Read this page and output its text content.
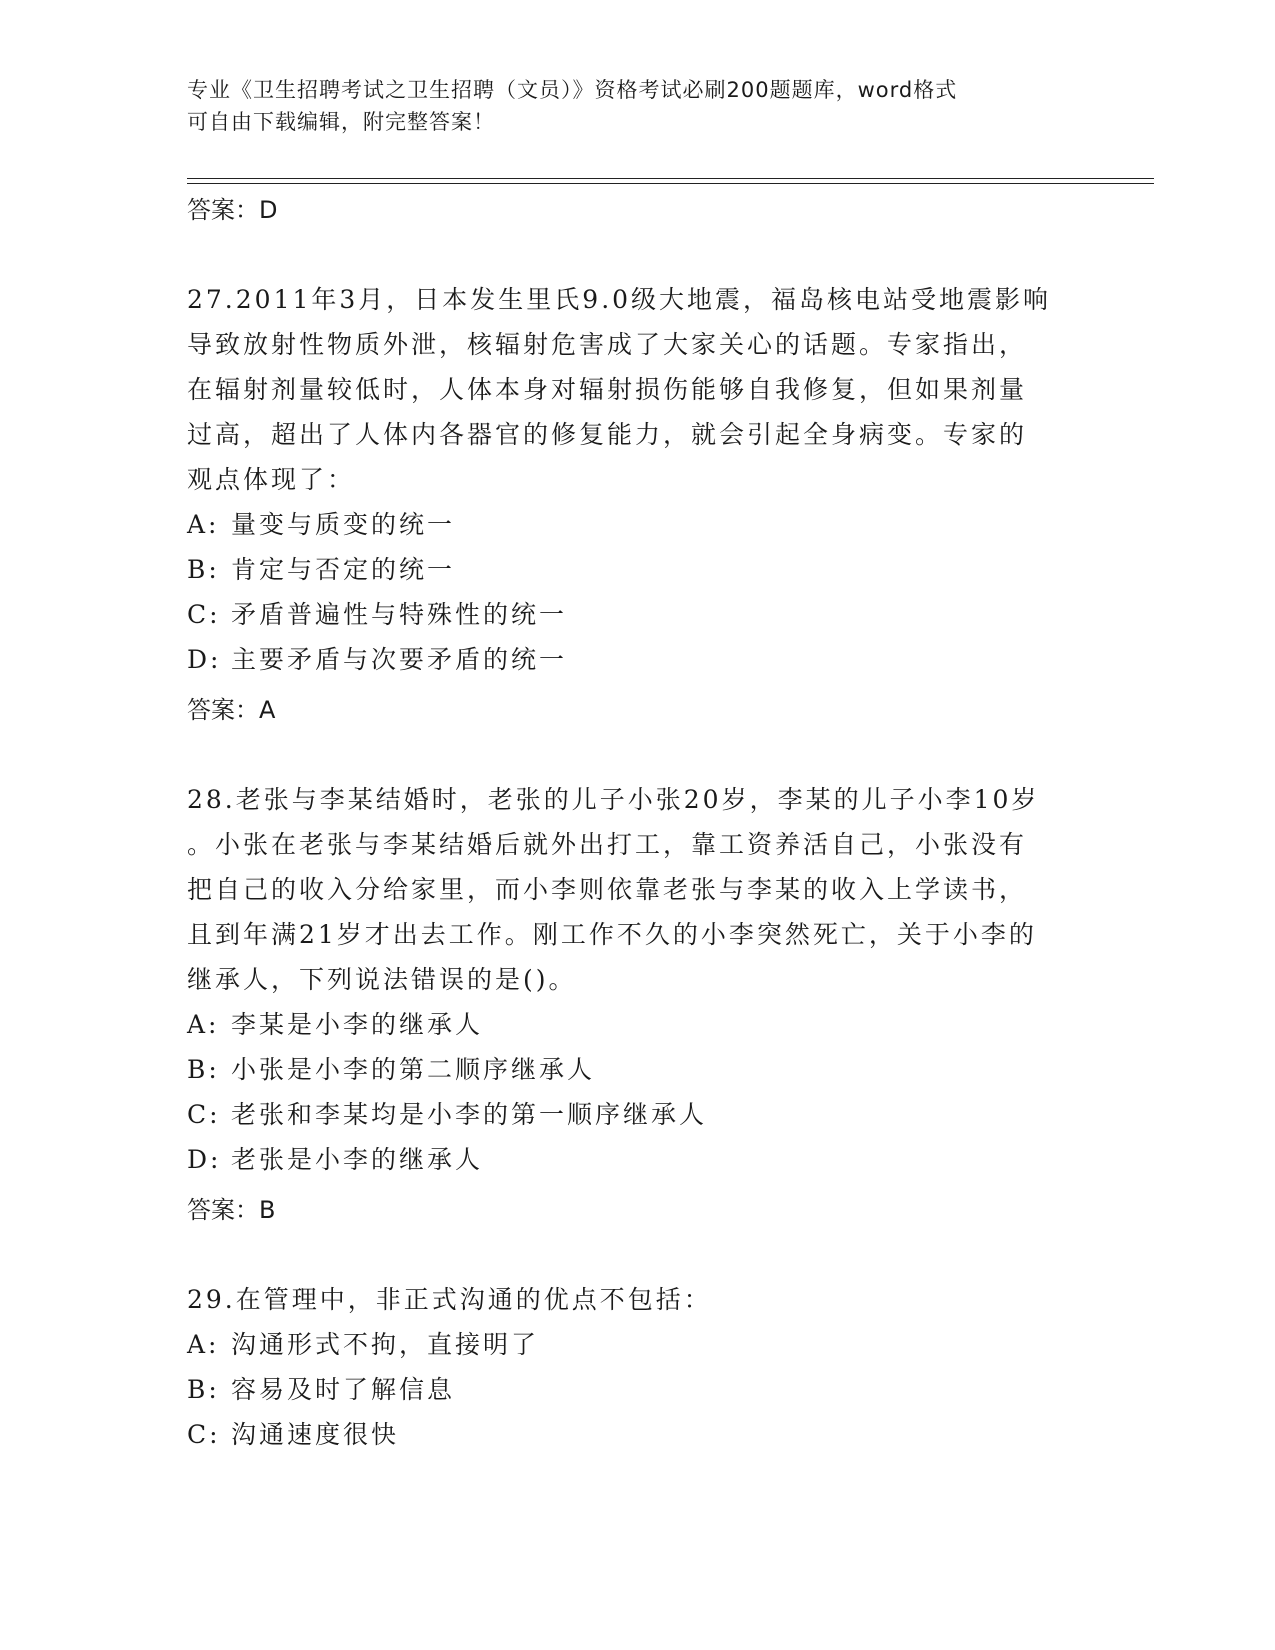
专业《卫生招聘考试之卫生招聘（文员）》资格考试必刷200题题库，word格式
可自由下载编辑，附完整答案！
答案：D
27.2011年3月，日本发生里氏9.0级大地震，福岛核电站受地震影响
导致放射性物质外泄，核辐射危害成了大家关心的话题。专家指出，
在辐射剂量较低时，人体本身对辐射损伤能够自我修复，但如果剂量
过高，超出了人体内各器官的修复能力，就会引起全身病变。专家的
观点体现了：
A: 量变与质变的统一
B: 肯定与否定的统一
C: 矛盾普遍性与特殊性的统一
D: 主要矛盾与次要矛盾的统一
答案：A
28.老张与李某结婚时，老张的儿子小张20岁，李某的儿子小李10岁
。小张在老张与李某结婚后就外出打工，靠工资养活自己，小张没有
把自己的收入分给家里，而小李则依靠老张与李某的收入上学读书，
且到年满21岁才出去工作。刚工作不久的小李突然死亡，关于小李的
继承人，下列说法错误的是()。
A: 李某是小李的继承人
B: 小张是小李的第二顺序继承人
C: 老张和李某均是小李的第一顺序继承人
D: 老张是小李的继承人
答案：B
29.在管理中，非正式沟通的优点不包括：
A: 沟通形式不拘，直接明了
B: 容易及时了解信息
C: 沟通速度很快
